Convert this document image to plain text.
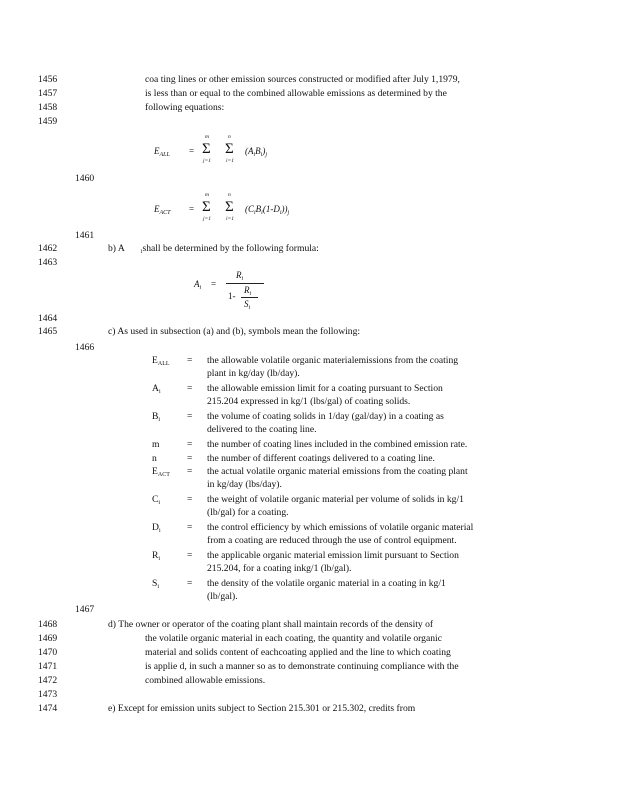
1456
1457
1458
1459
1460
1461
1462
1463
1464
1465
1466
1467
1468
1469
1470
1471
1472
1473
1474
coa ting lines or other emission sources constructed or modified after July 1,1979,
is less than or equal to the combined allowable emissions as determined by the
following equations:
$E_{ALL}$ =
m
Σ
j=1
n
Σ
i=1
$(A_iB_i)_j$
$E_{ACT}$ =
m
Σ
j=1
n
Σ
i=1
$(C_iB_i(1-D_i))_j$
b) A	$_i$shall be determined by the following formula:
$A_i$ =
$R_i$
1-
$R_i$
$S_i$
c) As used in subsection (a) and (b), symbols mean the following:
$E_{ALL}$ = the allowable volatile organic materialemissions from the coating
plant in kg/day (lb/day).
$A_i$	= the allowable emission limit for a coating pursuant to Section
215.204 expressed in kg/1 (lbs/gal) of coating solids.
$B_i$	= the volume of coating solids in 1/day (gal/day) in a coating as
delivered to the coating line.
m	= the number of coating lines included in the combined emission rate.
n	= the number of different coatings delivered to a coating line.
$E_{ACT}$ = the actual volatile organic material emissions from the coating plant
in kg/day (lbs/day).
$C_i$	= the weight of volatile organic material per volume of solids in kg/1
(lb/gal) for a coating.
$D_i$	= the control efficiency by which emissions of volatile organic material
from a coating are reduced through the use of control equipment.
$R_i$	= the applicable organic material emission limit pursuant to Section
215.204, for a coating inkg/1 (lb/gal).
$S_i$	= the density of the volatile organic material in a coating in kg/1
(lb/gal).
d) The owner or operator of the coating plant shall maintain records of the density of
the volatile organic material in each coating, the quantity and volatile organic
material and solids content of eachcoating applied and the line to which coating
is applie d, in such a manner so as to demonstrate continuing compliance with the
combined allowable emissions.
e) Except for emission units subject to Section 215.301 or 215.302, credits from
